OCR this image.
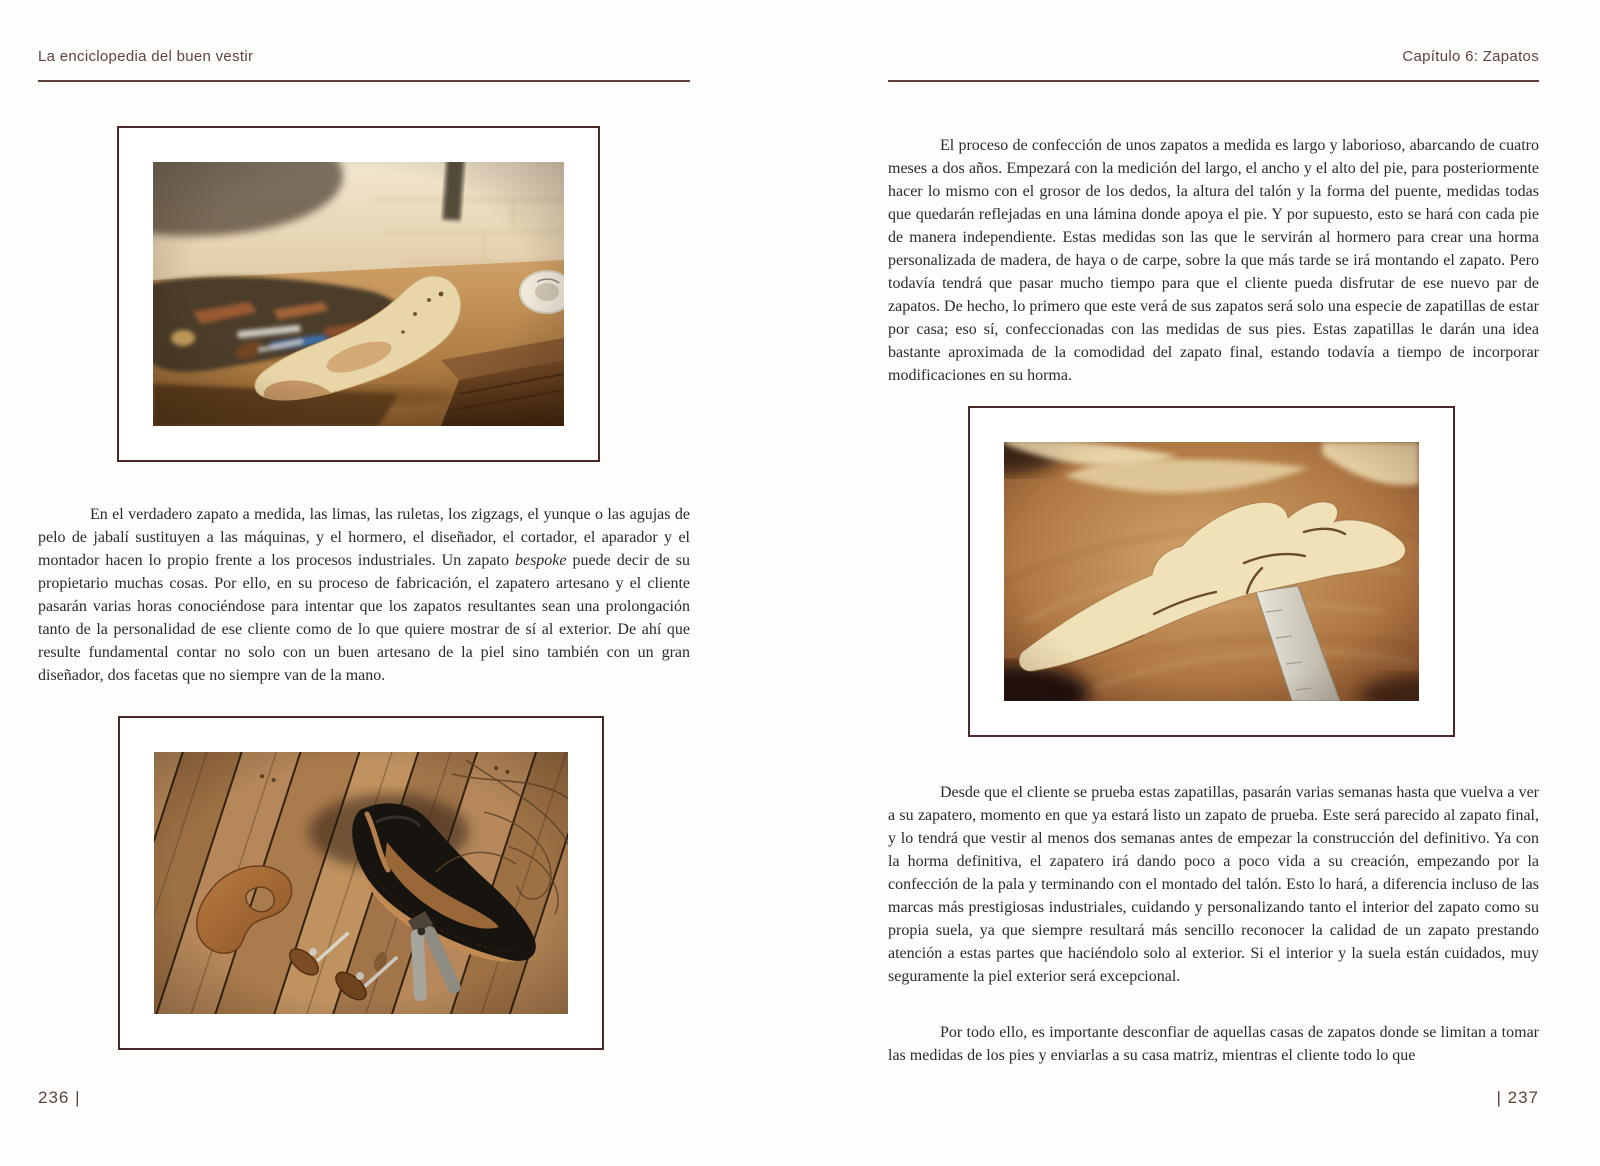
La enciclopedia del buen vestir	Capítulo 6: Zapatos

En el verdadero zapato a medida, las limas, las ruletas, los zigzags, el yunque o las agujas de pelo de jabalí sustituyen a las máquinas, y el hormero, el diseñador, el cortador, el aparador y el montador hacen lo propio frente a los procesos industriales. Un zapato bespoke puede decir de su propietario muchas cosas. Por ello, en su proceso de fabricación, el zapatero artesano y el cliente pasarán varias horas conociéndose para intentar que los zapatos resultantes sean una prolongación tanto de la personalidad de ese cliente como de lo que quiere mostrar de sí al exterior. De ahí que resulte fundamental contar no solo con un buen artesano de la piel sino también con un gran diseñador, dos facetas que no siempre van de la mano.

236 |

El proceso de confección de unos zapatos a medida es largo y laborioso, abarcando de cuatro meses a dos años. Empezará con la medición del largo, el ancho y el alto del pie, para posteriormente hacer lo mismo con el grosor de los dedos, la altura del talón y la forma del puente, medidas todas que quedarán reflejadas en una lámina donde apoya el pie. Y por supuesto, esto se hará con cada pie de manera independiente. Estas medidas son las que le servirán al hormero para crear una horma personalizada de madera, de haya o de carpe, sobre la que más tarde se irá montando el zapato. Pero todavía tendrá que pasar mucho tiempo para que el cliente pueda disfrutar de ese nuevo par de zapatos. De hecho, lo primero que este verá de sus zapatos será solo una especie de zapatillas de estar por casa; eso sí, confeccionadas con las medidas de sus pies. Estas zapatillas le darán una idea bastante aproximada de la comodidad del zapato final, estando todavía a tiempo de incorporar modificaciones en su horma.

Desde que el cliente se prueba estas zapatillas, pasarán varias semanas hasta que vuelva a ver a su zapatero, momento en que ya estará listo un zapato de prueba. Este será parecido al zapato final, y lo tendrá que vestir al menos dos semanas antes de empezar la construcción del definitivo. Ya con la horma definitiva, el zapatero irá dando poco a poco vida a su creación, empezando por la confección de la pala y terminando con el montado del talón. Esto lo hará, a diferencia incluso de las marcas más prestigiosas industriales, cuidando y personalizando tanto el interior del zapato como su propia suela, ya que siempre resultará más sencillo reconocer la calidad de un zapato prestando atención a estas partes que haciéndolo solo al exterior. Si el interior y la suela están cuidados, muy seguramente la piel exterior será excepcional.

Por todo ello, es importante desconfiar de aquellas casas de zapatos donde se limitan a tomar las medidas de los pies y enviarlas a su casa matriz, mientras el cliente todo lo que

| 237
